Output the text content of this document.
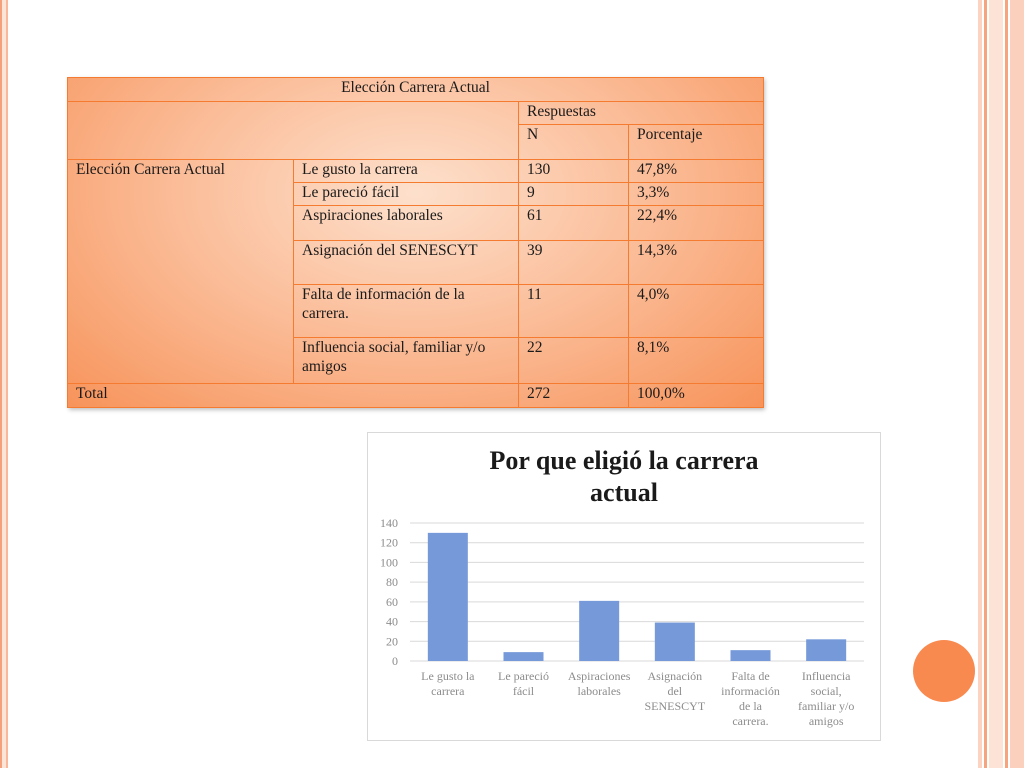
Elección Carrera Actual			
		Respuestas	
		N	Porcentaje
Elección Carrera Actual	Le gusto la carrera	130	47,8%
	Le pareció fácil	9	3,3%
	Aspiraciones laborales	61	22,4%
	Asignación del SENESCYT	39	14,3%
	Falta de información de la carrera.	11	4,0%
	Influencia social, familiar y/o amigos	22	8,1%
Total		272	100,0%
Por que eligió la carrera
actual
0
20
40
60
80
100
120
140
Le gusto la carrera
Le pareció fácil
Aspiraciones laborales
Asignación del SENESCYT
Falta de información de la carrera.
Influencia social, familiar y/o amigos
